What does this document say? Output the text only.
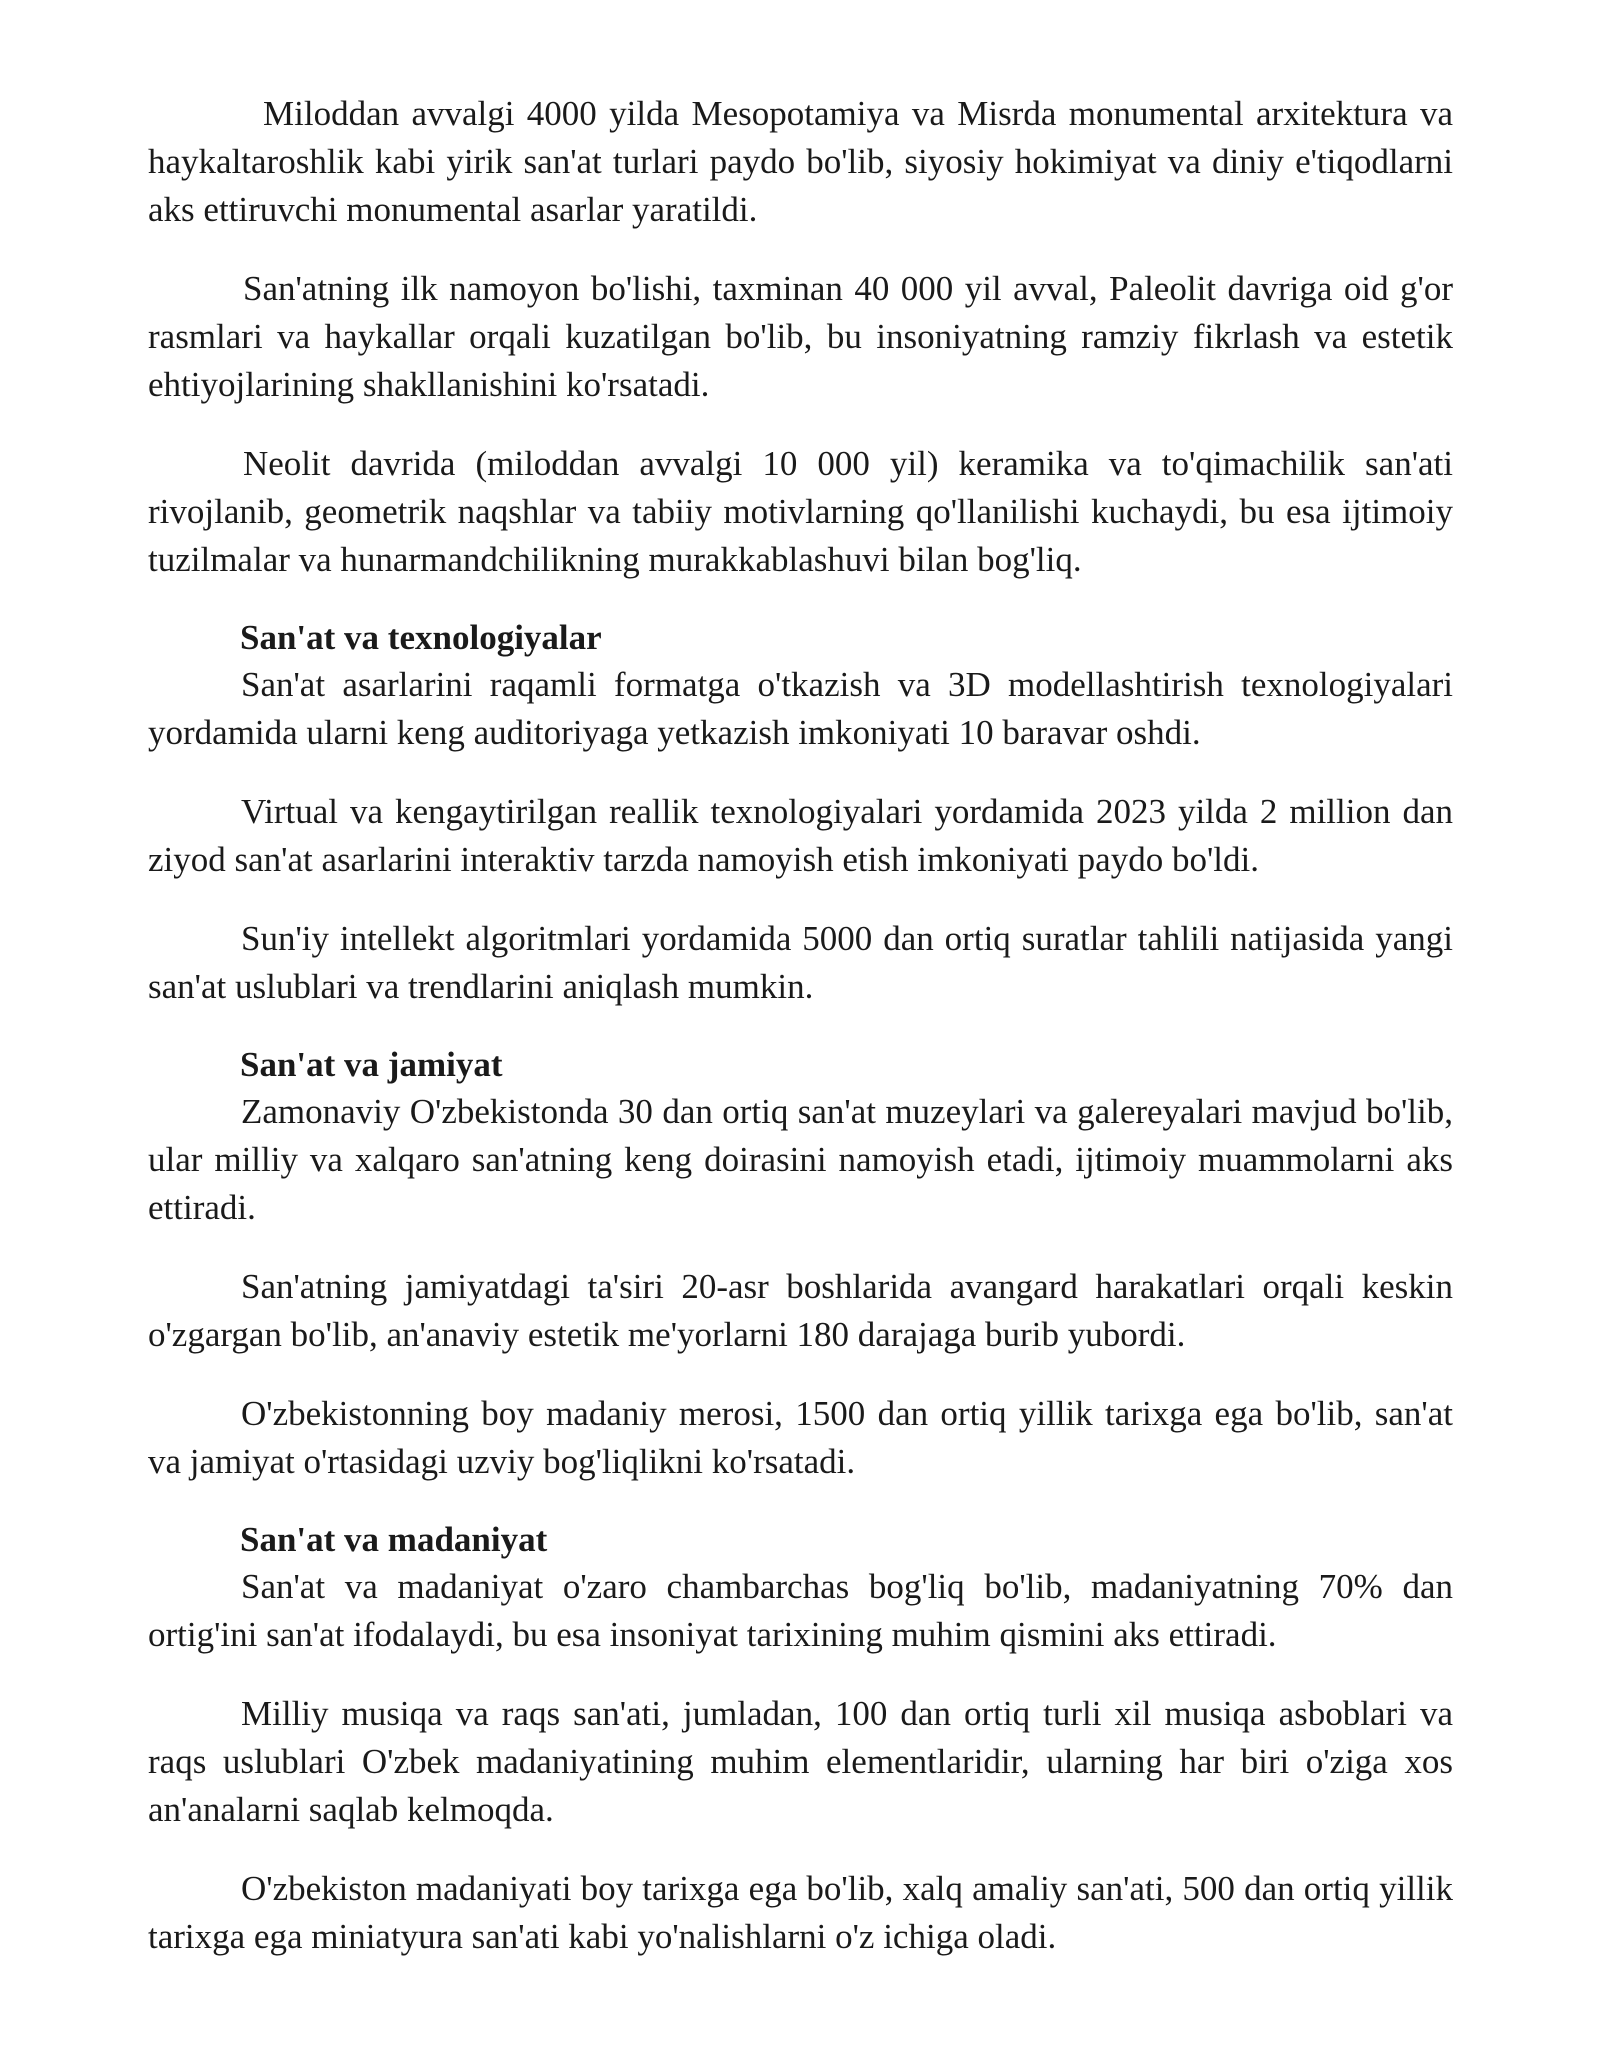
Miloddan avvalgi 4000 yilda Mesopotamiya va Misrda monumental arxitektura va haykaltaroshlik kabi yirik san'at turlari paydo bo'lib, siyosiy hokimiyat va diniy e'tiqodlarni aks ettiruvchi monumental asarlar yaratildi.

San'atning ilk namoyon bo'lishi, taxminan 40 000 yil avval, Paleolit davriga oid g'or rasmlari va haykallar orqali kuzatilgan bo'lib, bu insoniyatning ramziy fikrlash va estetik ehtiyojlarining shakllanishini ko'rsatadi.

Neolit davrida (miloddan avvalgi 10 000 yil) keramika va to'qimachilik san'ati rivojlanib, geometrik naqshlar va tabiiy motivlarning qo'llanilishi kuchaydi, bu esa ijtimoiy tuzilmalar va hunarmandchilikning murakkablashuvi bilan bog'liq.

San'at va texnologiyalar

San'at asarlarini raqamli formatga o'tkazish va 3D modellashtirish texnologiyalari yordamida ularni keng auditoriyaga yetkazish imkoniyati 10 baravar oshdi.

Virtual va kengaytirilgan reallik texnologiyalari yordamida 2023 yilda 2 million dan ziyod san'at asarlarini interaktiv tarzda namoyish etish imkoniyati paydo bo'ldi.

Sun'iy intellekt algoritmlari yordamida 5000 dan ortiq suratlar tahlili natijasida yangi san'at uslublari va trendlarini aniqlash mumkin.

San'at va jamiyat

Zamonaviy O'zbekistonda 30 dan ortiq san'at muzeylari va galereyalari mavjud bo'lib, ular milliy va xalqaro san'atning keng doirasini namoyish etadi, ijtimoiy muammolarni aks ettiradi.

San'atning jamiyatdagi ta'siri 20-asr boshlarida avangard harakatlari orqali keskin o'zgargan bo'lib, an'anaviy estetik me'yorlarni 180 darajaga burib yubordi.

O'zbekistonning boy madaniy merosi, 1500 dan ortiq yillik tarixga ega bo'lib, san'at va jamiyat o'rtasidagi uzviy bog'liqlikni ko'rsatadi.

San'at va madaniyat

San'at va madaniyat o'zaro chambarchas bog'liq bo'lib, madaniyatning 70% dan ortig'ini san'at ifodalaydi, bu esa insoniyat tarixining muhim qismini aks ettiradi.

Milliy musiqa va raqs san'ati, jumladan, 100 dan ortiq turli xil musiqa asboblari va raqs uslublari O'zbek madaniyatining muhim elementlaridir, ularning har biri o'ziga xos an'analarni saqlab kelmoqda.

O'zbekiston madaniyati boy tarixga ega bo'lib, xalq amaliy san'ati, 500 dan ortiq yillik tarixga ega miniatyura san'ati kabi yo'nalishlarni o'z ichiga oladi.
